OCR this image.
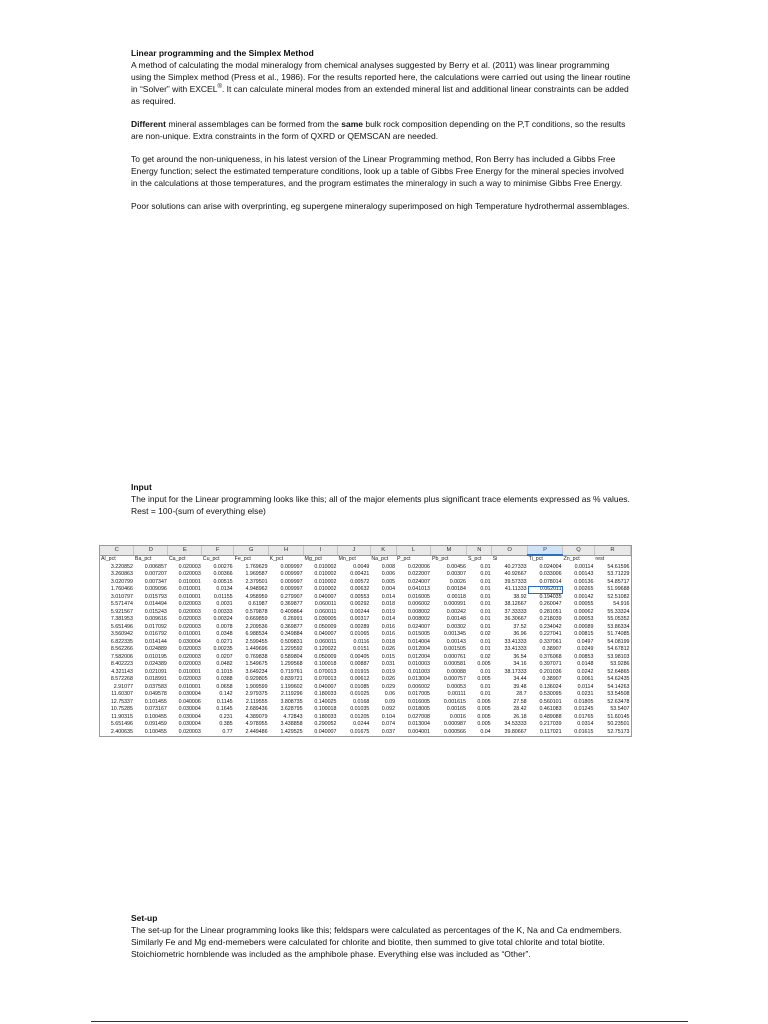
Linear programming and the Simplex Method
A method of calculating the modal mineralogy from chemical analyses suggested by Berry et al. (2011) was linear programming using the Simplex method (Press et al., 1986). For the results reported here, the calculations were carried out using the linear routine in “Solver” with EXCEL®. It can calculate mineral modes from an extended mineral list and additional linear constraints can be added as required.

Different mineral assemblages can be formed from the same bulk rock composition depending on the P,T conditions, so the results are non-unique. Extra constraints in the form of QXRD or QEMSCAN are needed.

To get around the non-uniqueness, in his latest version of the Linear Programming method, Ron Berry has included a Gibbs Free Energy function; select the estimated temperature conditions, look up a table of Gibbs Free Energy for the mineral species involved in the calculations at those temperatures, and the program estimates the mineralogy in such a way to minimise Gibbs Free Energy.

Poor solutions can arise with overprinting, eg supergene mineralogy superimposed on high Temperature hydrothermal assemblages.

Input
The input for the Linear programming looks like this; all of the major elements plus significant trace elements expressed as % values. Rest = 100-(sum of everything else)
C	D	E	F	G	H	I	J	K	L	M	N	O	P	Q	R
Al_pct	Ba_pct	Ca_pct	Cu_pct	Fe_pct	K_pct	Mg_pct	Mn_pct	Na_pct	P_pct	Pb_pct	S_pct	Si	Ti_pct	Zn_pct	rest
3.220852	0.006857	0.020003	0.00276	1.769629	0.009997	0.010002	0.0049	0.008	0.020006	0.00456	0.01	40.27333	0.024004	0.00114	54.61596
3.260863	0.007207	0.020003	0.00366	1.969587	0.009997	0.010002	0.00421	0.006	0.022007	0.00307	0.01	40.92667	0.033006	0.00143	53.71229
3.020799	0.007347	0.010001	0.00515	2.379501	0.009997	0.010002	0.00572	0.005	0.024007	0.0026	0.01	39.57333	0.078014	0.00136	54.85717
1.760466	0.009096	0.010001	0.0134	4.948962	0.009997	0.010002	0.00632	0.004	0.041013	0.00184	0.01	41.11333	0.062011	0.00265	51.99688
3.010797	0.015793	0.010001	0.01155	4.958959	0.279907	0.040007	0.00553	0.014	0.016005	0.00118	0.01	38.92	0.194035	0.00142	52.51082
5.571474	0.014494	0.020003	0.0031	0.61987	0.369877	0.060011	0.00292	0.018	0.006002	0.000991	0.01	38.12667	0.260047	0.00055	54.916
5.921567	0.015243	0.020003	0.00333	0.579878	0.409864	0.060011	0.00244	0.019	0.008002	0.00242	0.01	37.33333	0.281051	0.00062	55.33324
7.381953	0.009616	0.020003	0.00324	0.669859	0.26991	0.030005	0.00317	0.014	0.008002	0.00148	0.01	36.30667	0.218039	0.00053	55.05352
5.651496	0.017092	0.020003	0.0078	2.209536	0.369877	0.050009	0.00289	0.016	0.024007	0.00302	0.01	37.52	0.234042	0.00089	53.86334
3.560942	0.016792	0.010001	0.0348	6.988534	0.349884	0.040007	0.01065	0.016	0.015005	0.001345	0.02	36.96	0.227041	0.00815	51.74085
6.822335	0.014144	0.030004	0.0271	2.599455	0.509831	0.060011	0.0116	0.018	0.014004	0.00143	0.01	33.41333	0.337061	0.0497	54.08199
8.562266	0.024889	0.020003	0.00235	1.449696	1.229592	0.120022	0.0151	0.026	0.012004	0.001505	0.01	33.41333	0.38907	0.0249	54.67812
7.582006	0.010195	0.020003	0.0207	0.769838	0.589804	0.050009	0.00405	0.015	0.012004	0.000761	0.02	36.54	0.376068	0.00853	53.98103
8.402223	0.024389	0.020003	0.0482	1.549675	1.299568	0.100018	0.00887	0.031	0.010003	0.000581	0.005	34.16	0.397071	0.0148	53.9286
4.321143	0.021091	0.010001	0.1015	3.649234	0.719761	0.070013	0.01915	0.019	0.011003	0.00088	0.01	38.17333	0.201036	0.0242	52.64865
8.572268	0.018991	0.020003	0.0388	0.929805	0.839721	0.070013	0.00612	0.026	0.013004	0.000757	0.005	34.44	0.38907	0.0061	54.62435
2.91077	0.037583	0.010001	0.0658	1.909599	1.199602	0.040007	0.01085	0.029	0.006002	0.00053	0.01	39.48	0.136024	0.0114	54.14263
11.60307	0.049578	0.030004	0.142	2.979375	2.119296	0.180033	0.01025	0.06	0.017005	0.00111	0.01	28.7	0.530095	0.0231	53.54508
12.75337	0.101455	0.040006	0.1145	2.119555	3.808735	0.140025	0.0168	0.09	0.016005	0.001615	0.005	27.58	0.560101	0.01805	52.63478
10.75285	0.073167	0.030004	0.1645	2.689436	3.628795	0.100018	0.01035	0.092	0.018005	0.00165	0.005	28.42	0.461083	0.01245	53.5407
11.90315	0.100455	0.030004	0.231	4.389079	4.72843	0.180033	0.01205	0.104	0.027008	0.0016	0.005	26.18	0.489088	0.01765	51.60145
5.651496	0.091459	0.030004	0.385	4.978955	3.438858	0.290052	0.0244	0.074	0.013004	0.000987	0.005	34.53333	0.217039	0.0314	50.23501
2.400635	0.100455	0.020003	0.77	2.449486	1.429525	0.040007	0.01675	0.037	0.004001	0.000566	0.04	39.80667	0.117021	0.01615	52.75173
Set-up
The set-up for the Linear programming looks like this; feldspars were calculated as percentages of the K, Na and Ca endmembers. Similarly Fe and Mg end-memebers were calculated for chlorite and biotite, then summed to give total chlorite and total biotite. Stoichiometric hornblende was included as the amphibole phase. Everything else was included as “Other”.
